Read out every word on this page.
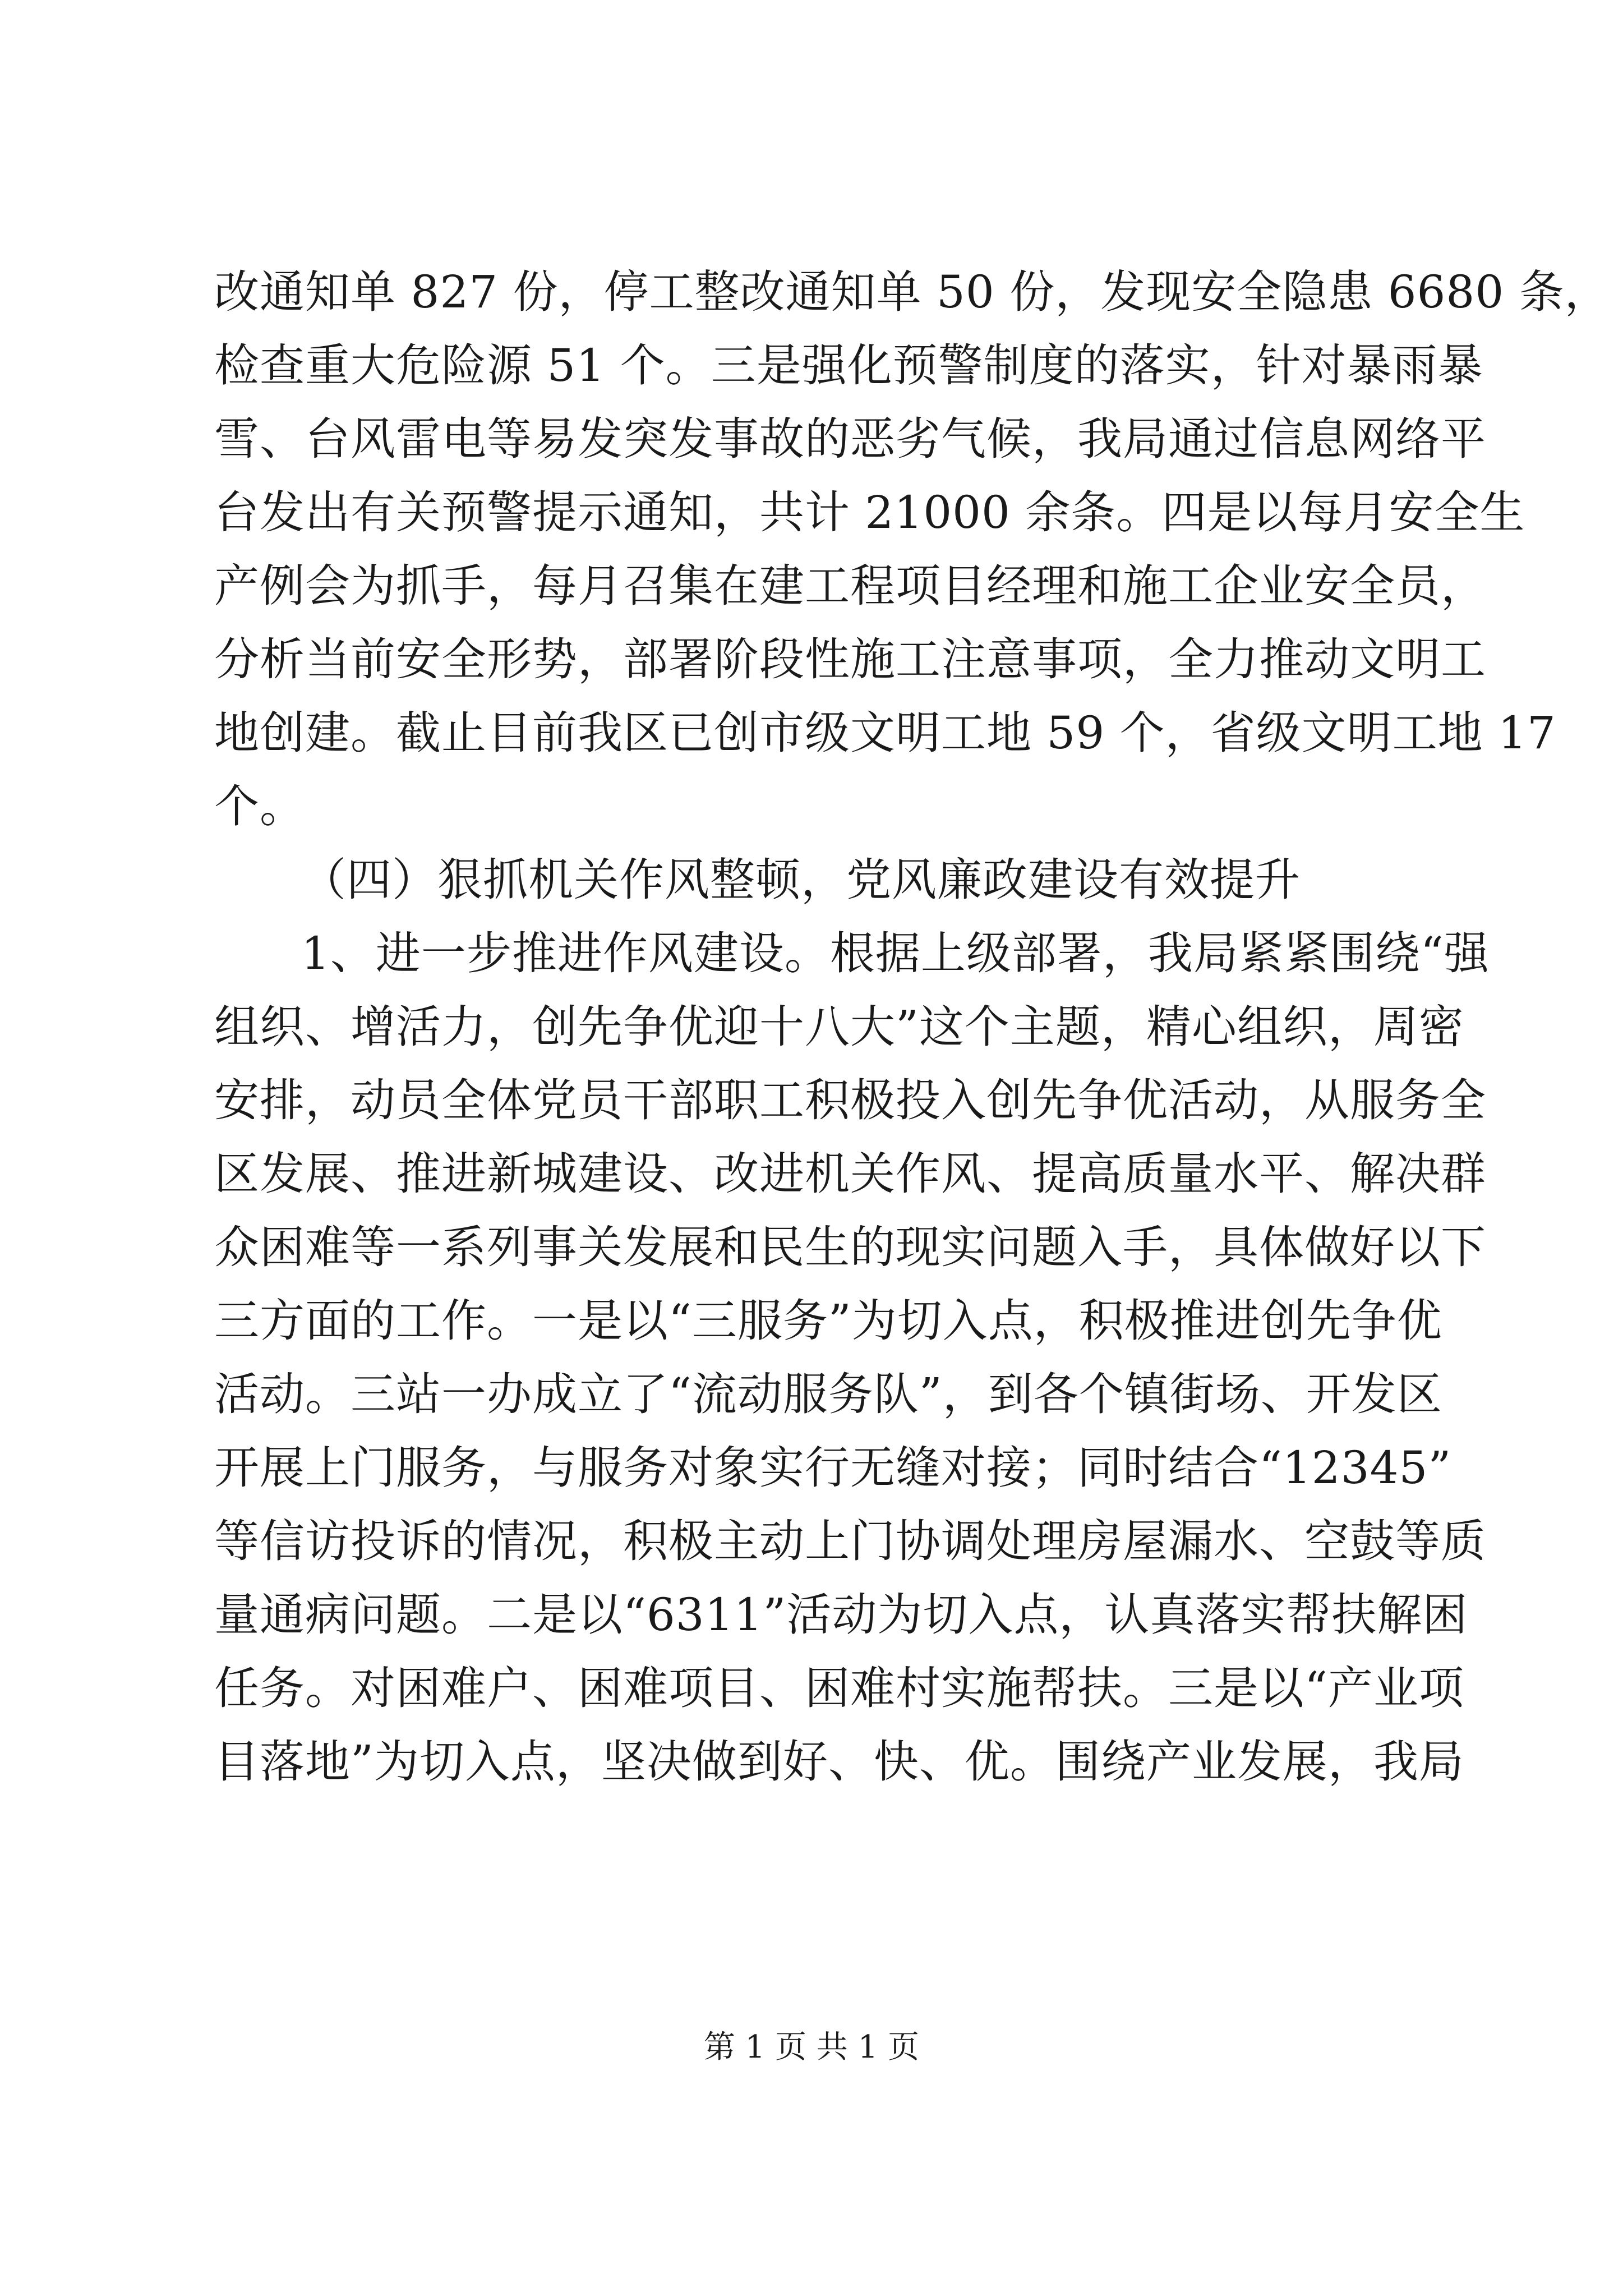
改通知单 827 份，停工整改通知单 50 份，发现安全隐患 6680 条，
检查重大危险源 51 个。三是强化预警制度的落实，针对暴雨暴
雪、台风雷电等易发突发事故的恶劣气候，我局通过信息网络平
台发出有关预警提示通知，共计 21000 余条。四是以每月安全生
产例会为抓手，每月召集在建工程项目经理和施工企业安全员，
分析当前安全形势，部署阶段性施工注意事项，全力推动文明工
地创建。截止目前我区已创市级文明工地 59 个，省级文明工地 17
个。
（四）狠抓机关作风整顿，党风廉政建设有效提升
1、进一步推进作风建设。根据上级部署，我局紧紧围绕“强
组织、增活力，创先争优迎十八大”这个主题，精心组织，周密
安排，动员全体党员干部职工积极投入创先争优活动，从服务全
区发展、推进新城建设、改进机关作风、提高质量水平、解决群
众困难等一系列事关发展和民生的现实问题入手，具体做好以下
三方面的工作。一是以“三服务”为切入点，积极推进创先争优
活动。三站一办成立了“流动服务队”，到各个镇街场、开发区
开展上门服务，与服务对象实行无缝对接；同时结合“12345”
等信访投诉的情况，积极主动上门协调处理房屋漏水、空鼓等质
量通病问题。二是以“6311”活动为切入点，认真落实帮扶解困
任务。对困难户、困难项目、困难村实施帮扶。三是以“产业项
目落地”为切入点，坚决做到好、快、优。围绕产业发展，我局
第 1 页 共 1 页
